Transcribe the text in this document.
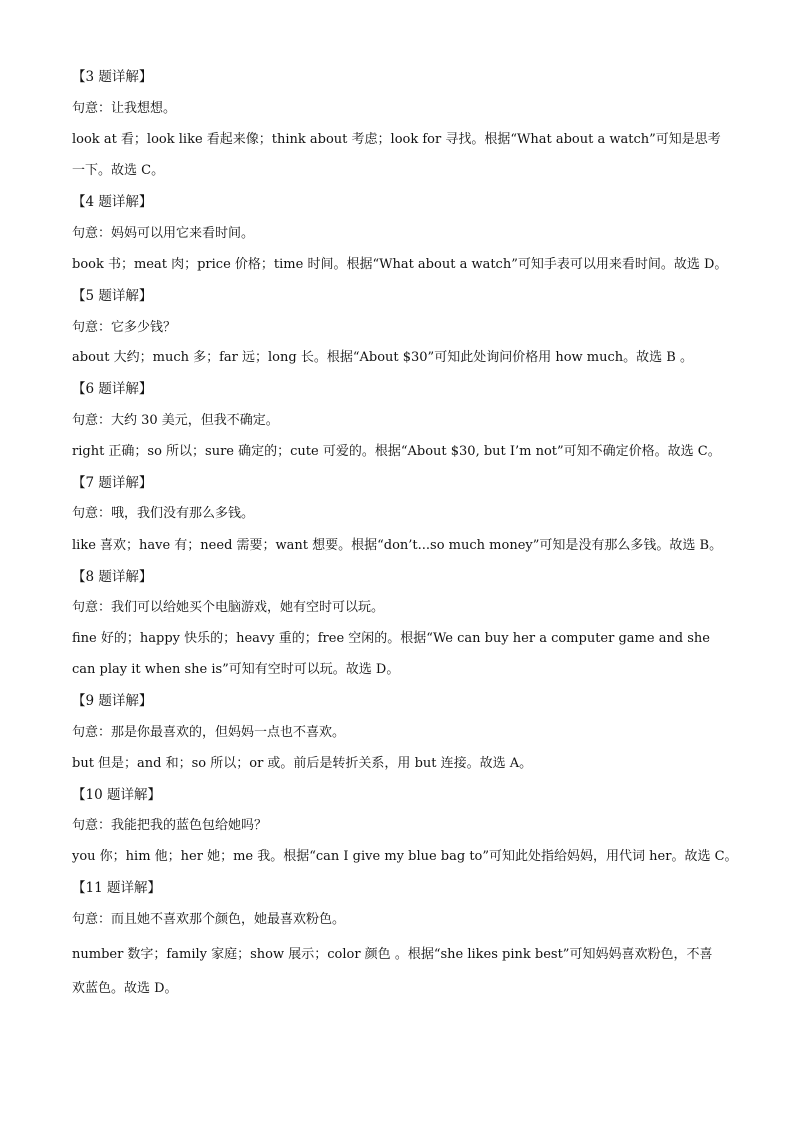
【3 题详解】
句意：让我想想。
look at 看；look like 看起来像；think about 考虑；look for 寻找。根据“What about a watch”可知是思考一下。故选 C。
【4 题详解】
句意：妈妈可以用它来看时间。
book 书；meat 肉；price 价格；time 时间。根据“What about a watch”可知手表可以用来看时间。故选 D。
【5 题详解】
句意：它多少钱？
about 大约；much 多；far 远；long 长。根据“About $30”可知此处询问价格用 how much。故选 B 。
【6 题详解】
句意：大约 30 美元，但我不确定。
right 正确；so 所以；sure 确定的；cute 可爱的。根据“About $30, but I’m not”可知不确定价格。故选 C。
【7 题详解】
句意：哦，我们没有那么多钱。
like 喜欢；have 有；need 需要；want 想要。根据“don’t...so much money”可知是没有那么多钱。故选 B。
【8 题详解】
句意：我们可以给她买个电脑游戏，她有空时可以玩。
fine 好的；happy 快乐的；heavy 重的；free 空闲的。根据“We can buy her a computer game and she can play it when she is”可知有空时可以玩。故选 D。
【9 题详解】
句意：那是你最喜欢的，但妈妈一点也不喜欢。
but 但是；and 和；so 所以；or 或。前后是转折关系，用 but 连接。故选 A。
【10 题详解】
句意：我能把我的蓝色包给她吗？
you 你；him 他；her 她；me 我。根据“can I give my blue bag to”可知此处指给妈妈，用代词 her。故选 C。
【11 题详解】
句意：而且她不喜欢那个颜色，她最喜欢粉色。
number 数字；family 家庭；show 展示；color 颜色 。根据“she likes pink best”可知妈妈喜欢粉色，不喜欢蓝色。故选 D。
